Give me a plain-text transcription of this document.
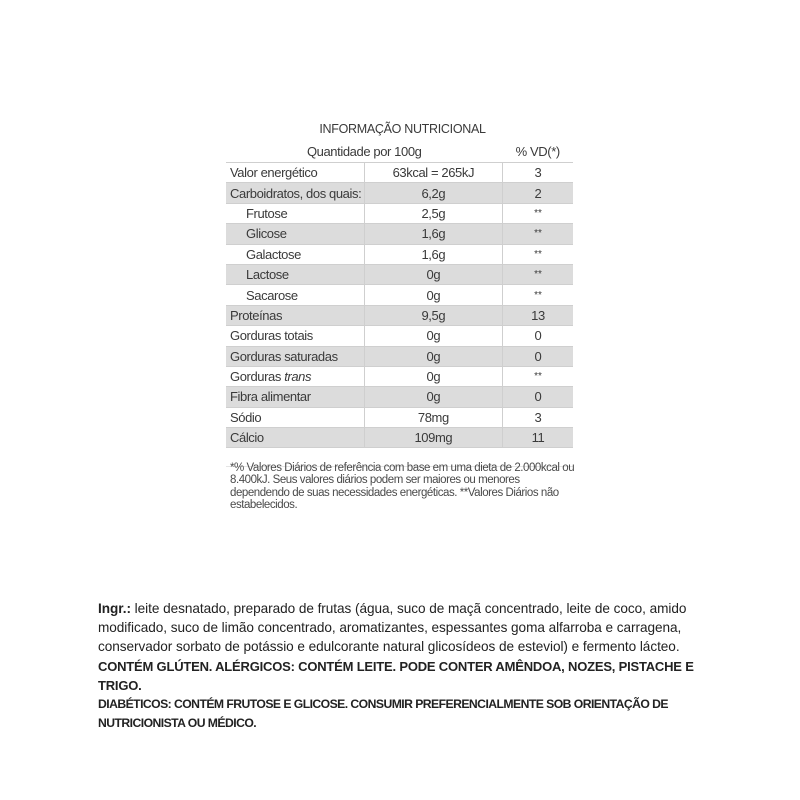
INFORMAÇÃO NUTRICIONAL
Quantidade por 100g		% VD(*)
Valor energético	63kcal = 265kJ	3
Carboidratos, dos quais:	6,2g	2
Frutose	2,5g	**
Glicose	1,6g	**
Galactose	1,6g	**
Lactose	0g	**
Sacarose	0g	**
Proteínas	9,5g	13
Gorduras totais	0g	0
Gorduras saturadas	0g	0
Gorduras trans	0g	**
Fibra alimentar	0g	0
Sódio	78mg	3
Cálcio	109mg	11
*% Valores Diários de referência com base em uma dieta de 2.000kcal ou 8.400kJ. Seus valores diários podem ser maiores ou menores dependendo de suas necessidades energéticas. **Valores Diários não estabelecidos.
Ingr.: leite desnatado, preparado de frutas (água, suco de maçã concentrado, leite de coco, amido modificado, suco de limão concentrado, aromatizantes, espessantes goma alfarroba e carragena, conservador sorbato de potássio e edulcorante natural glicosídeos de esteviol) e fermento lácteo.
CONTÉM GLÚTEN. ALÉRGICOS: CONTÉM LEITE. PODE CONTER AMÊNDOA, NOZES, PISTACHE E TRIGO.
DIABÉTICOS: CONTÉM FRUTOSE E GLICOSE. CONSUMIR PREFERENCIALMENTE SOB ORIENTAÇÃO DE NUTRICIONISTA OU MÉDICO.
